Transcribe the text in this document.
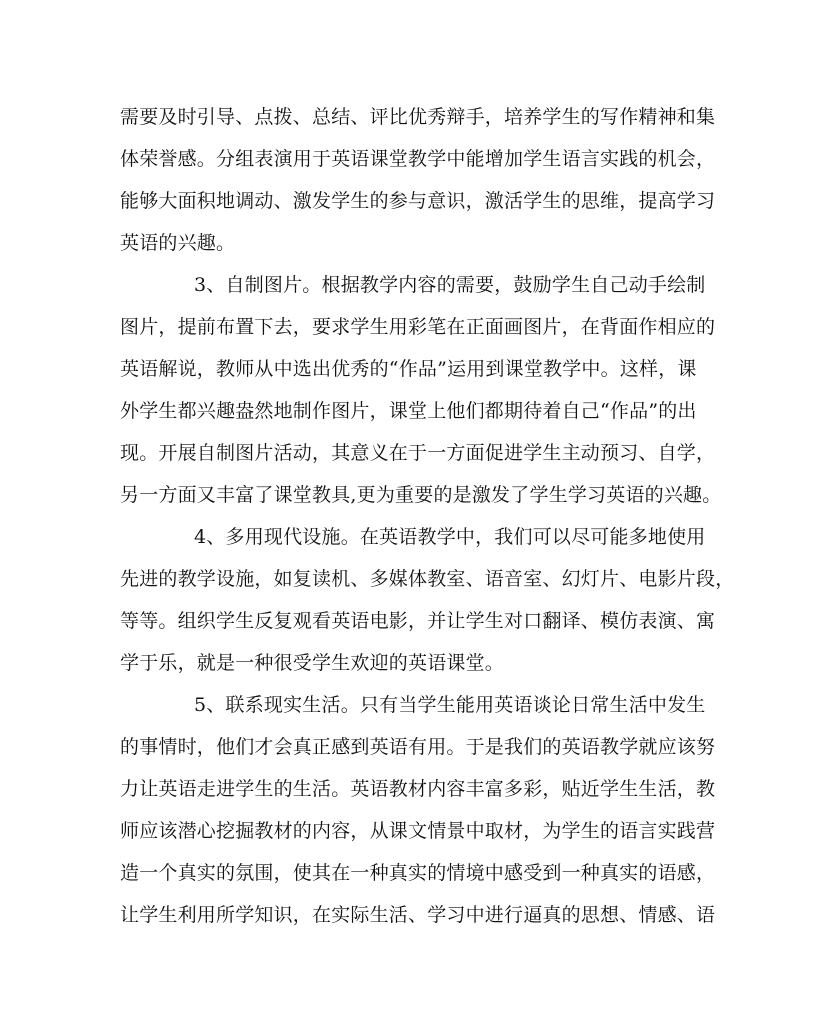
需要及时引导、点拨、总结、评比优秀辩手，培养学生的写作精神和集
体荣誉感。分组表演用于英语课堂教学中能增加学生语言实践的机会，
能够大面积地调动、激发学生的参与意识，激活学生的思维，提高学习
英语的兴趣。
3、自制图片。根据教学内容的需要，鼓励学生自己动手绘制
图片，提前布置下去，要求学生用彩笔在正面画图片，在背面作相应的
英语解说，教师从中选出优秀的“作品”运用到课堂教学中。这样，课
外学生都兴趣盎然地制作图片，课堂上他们都期待着自己“作品”的出
现。开展自制图片活动，其意义在于一方面促进学生主动预习、自学，
另一方面又丰富了课堂教具,更为重要的是激发了学生学习英语的兴趣。
4、多用现代设施。在英语教学中，我们可以尽可能多地使用
先进的教学设施，如复读机、多媒体教室、语音室、幻灯片、电影片段，
等等。组织学生反复观看英语电影，并让学生对口翻译、模仿表演、寓
学于乐，就是一种很受学生欢迎的英语课堂。
5、联系现实生活。只有当学生能用英语谈论日常生活中发生
的事情时，他们才会真正感到英语有用。于是我们的英语教学就应该努
力让英语走进学生的生活。英语教材内容丰富多彩，贴近学生生活，教
师应该潜心挖掘教材的内容，从课文情景中取材，为学生的语言实践营
造一个真实的氛围，使其在一种真实的情境中感受到一种真实的语感，
让学生利用所学知识，在实际生活、学习中进行逼真的思想、情感、语
